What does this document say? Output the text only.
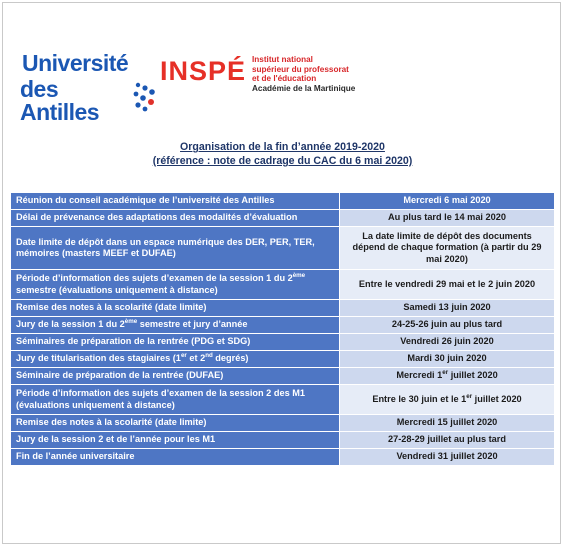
Université
des Antilles
INSPÉ Institut national
supérieur du professorat
et de l'éducation
Académie de la Martinique
Organisation de la fin d’année 2019-2020
(référence : note de cadrage du CAC du 6 mai 2020)
Réunion du conseil académique de l’université des Antilles	Mercredi 6 mai 2020
Délai de prévenance des adaptations des modalités d’évaluation	Au plus tard le 14 mai 2020
Date limite de dépôt dans un espace numérique des DER, PER, TER, mémoires (masters MEEF et DUFAE)	La date limite de dépôt des documents dépend de chaque formation (à partir du 29 mai 2020)
Période d’information des sujets d’examen de la session 1 du 2ème semestre (évaluations uniquement à distance)	Entre le vendredi 29 mai et le 2 juin 2020
Remise des notes à la scolarité (date limite)	Samedi 13 juin 2020
Jury de la session 1 du 2ème semestre et jury d’année	24-25-26 juin au plus tard
Séminaires de préparation de la rentrée (PDG et SDG)	Vendredi 26 juin 2020
Jury de titularisation des stagiaires (1er et 2nd degrés)	Mardi 30 juin 2020
Séminaire de préparation de la rentrée (DUFAE)	Mercredi 1er juillet 2020
Période d’information des sujets d’examen de la session 2 des M1 (évaluations uniquement à distance)	Entre le 30 juin et le 1er juillet 2020
Remise des notes à la scolarité (date limite)	Mercredi 15 juillet 2020
Jury de la session 2 et de l’année pour les M1	27-28-29 juillet au plus tard
Fin de l’année universitaire	Vendredi 31 juillet 2020
